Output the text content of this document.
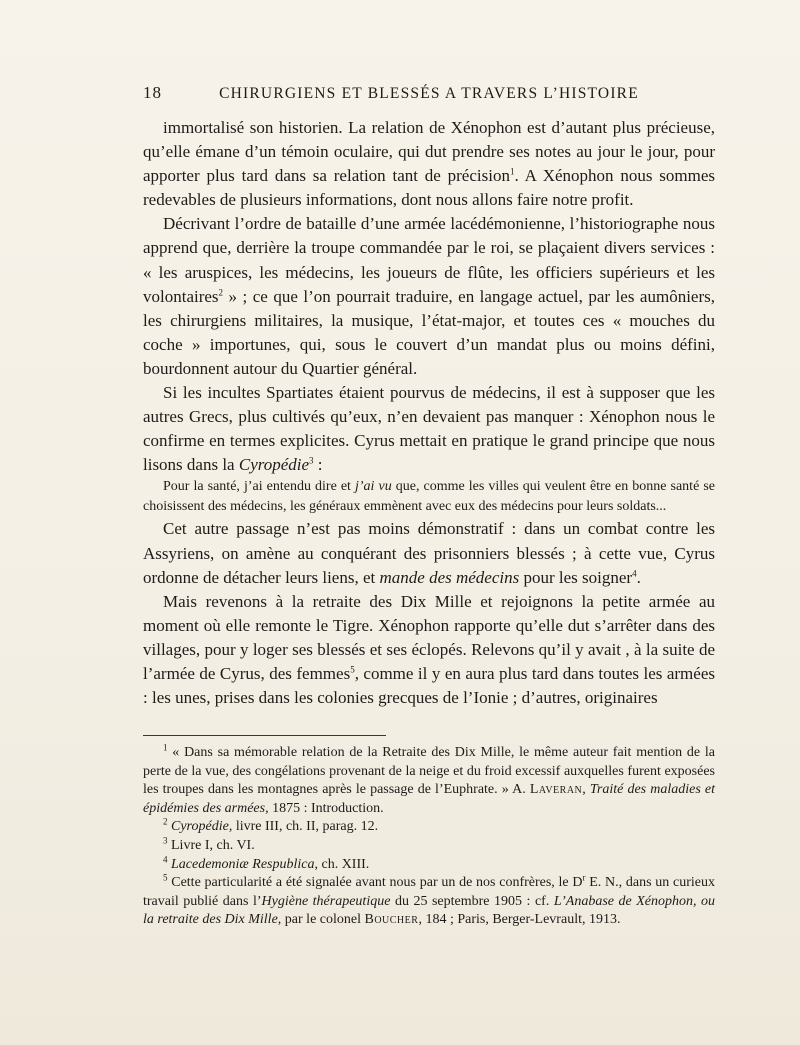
18	CHIRURGIENS ET BLESSÉS A TRAVERS L’HISTOIRE

immortalisé son historien. La relation de Xénophon est d’autant plus précieuse, qu’elle émane d’un témoin oculaire, qui dut prendre ses notes au jour le jour, pour apporter plus tard dans sa relation tant de précision$^1$. A Xénophon nous sommes redevables de plusieurs informations, dont nous allons faire notre profit.

Décrivant l’ordre de bataille d’une armée lacédémonienne, l’historiographe nous apprend que, derrière la troupe commandée par le roi, se plaçaient divers services : « les aruspices, les médecins, les joueurs de flûte, les officiers supérieurs et les volontaires$^2$ » ; ce que l’on pourrait traduire, en langage actuel, par les aumôniers, les chirurgiens militaires, la musique, l’état-major, et toutes ces « mouches du coche » importunes, qui, sous le couvert d’un mandat plus ou moins défini, bourdonnent autour du Quartier général.

Si les incultes Spartiates étaient pourvus de médecins, il est à supposer que les autres Grecs, plus cultivés qu’eux, n’en devaient pas manquer : Xénophon nous le confirme en termes explicites. Cyrus mettait en pratique le grand principe que nous lisons dans la Cyropédie$^3$ :

Pour la santé, j’ai entendu dire et j’ai vu que, comme les villes qui veulent être en bonne santé se choisissent des médecins, les généraux emmènent avec eux des médecins pour leurs soldats...

Cet autre passage n’est pas moins démonstratif : dans un combat contre les Assyriens, on amène au conquérant des prisonniers blessés ; à cette vue, Cyrus ordonne de détacher leurs liens, et mande des médecins pour les soigner$^4$.

Mais revenons à la retraite des Dix Mille et rejoignons la petite armée au moment où elle remonte le Tigre. Xénophon rapporte qu’elle dut s’arrêter dans des villages, pour y loger ses blessés et ses éclopés. Relevons qu’il y avait , à la suite de l’armée de Cyrus, des femmes$^5$, comme il y en aura plus tard dans toutes les armées : les unes, prises dans les colonies grecques de l’Ionie ; d’autres, originaires

$^1$ « Dans sa mémorable relation de la Retraite des Dix Mille, le même auteur fait mention de la perte de la vue, des congélations provenant de la neige et du froid excessif auxquelles furent exposées les troupes dans les montagnes après le passage de l’Euphrate. » A. Laveran, Traité des maladies et épidémies des armées, 1875 : Introduction.

$^2$ Cyropédie, livre III, ch. II, parag. 12.

$^3$ Livre I, ch. VI.

$^4$ Lacedemoniæ Respublica, ch. XIII.

$^5$ Cette particularité a été signalée avant nous par un de nos confrères, le $D^r$ E. N., dans un curieux travail publié dans l’Hygiène thérapeutique du 25 septembre 1905 : cf. L’Anabase de Xénophon, ou la retraite des Dix Mille, par le colonel Boucher, 184 ; Paris, Berger-Levrault, 1913.
